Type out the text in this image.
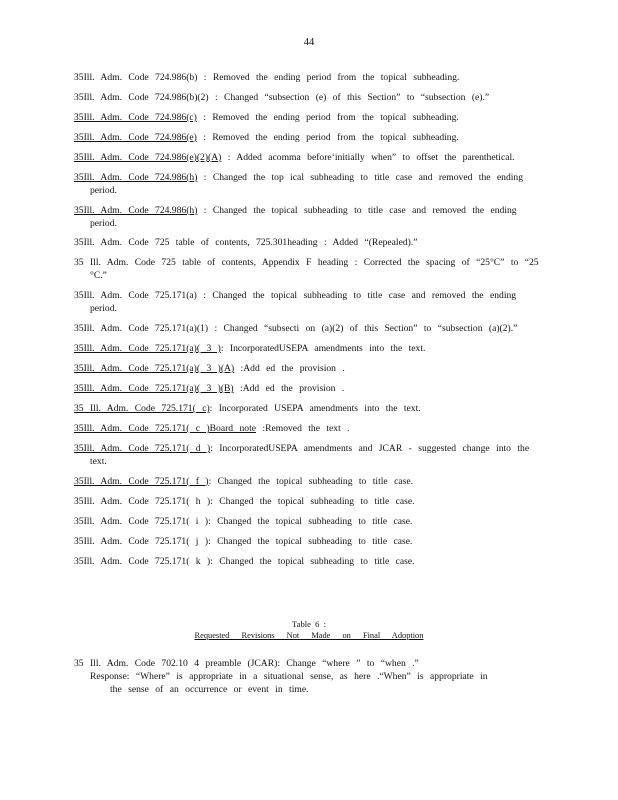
44
35Ill. Adm. Code 724.986(b) : Removed the ending period from the topical subheading.
35Ill. Adm. Code 724.986(b)(2) : Changed “subsection (e) of this Section” to “subsection (e).”
35Ill. Adm. Code 724.986(c) : Removed the ending period from the topical subheading.
35Ill. Adm. Code 724.986(e) : Removed the ending period from the topical subheading.
35Ill. Adm. Code 724.986(e)(2)(A) : Added acomma before‘initially when” to offset the parenthetical.
35Ill. Adm. Code 724.986(h) : Changed the top ical subheading to title case and removed the ending period.
35Ill. Adm. Code 724.986(h) : Changed the topical subheading to title case and removed the ending period.
35Ill. Adm. Code 725 table of contents, 725.301heading : Added “(Repealed).”
35 Ill. Adm. Code 725 table of contents, Appendix F heading : Corrected the spacing of “25°C” to “25 °C.”
35Ill. Adm. Code 725.171(a) : Changed the topical subheading to title case and removed the ending period.
35Ill. Adm. Code 725.171(a)(1) : Changed “subsecti on (a)(2) of this Section” to “subsection (a)(2).”
35Ill. Adm. Code 725.171(a)( 3 ): IncorporatedUSEPA amendments into the text.
35Ill. Adm. Code 725.171(a)( 3 )(A) :Add ed the provision .
35Ill. Adm. Code 725.171(a)( 3 )(B) :Add ed the provision .
35 Ill. Adm. Code 725.171( c): Incorporated USEPA amendments into the text.
35Ill. Adm. Code 725.171( c )Board note :Removed the text .
35Ill. Adm. Code 725.171( d ): IncorporatedUSEPA amendments and JCAR - suggested change into the text.
35Ill. Adm. Code 725.171( f ): Changed the topical subheading to title case.
35Ill. Adm. Code 725.171( h ): Changed the topical subheading to title case.
35Ill. Adm. Code 725.171( i ): Changed the topical subheading to title case.
35Ill. Adm. Code 725.171( j ): Changed the topical subheading to title case.
35Ill. Adm. Code 725.171( k ): Changed the topical subheading to title case.
Table 6 :
Requested Revisions Not Made on Final Adoption
35 Ill. Adm. Code 702.10 4 preamble (JCAR): Change “where ” to “when .”
Response: “Where” is appropriate in a situational sense, as here .“When” is appropriate in
the sense of an occurrence or event in time.
